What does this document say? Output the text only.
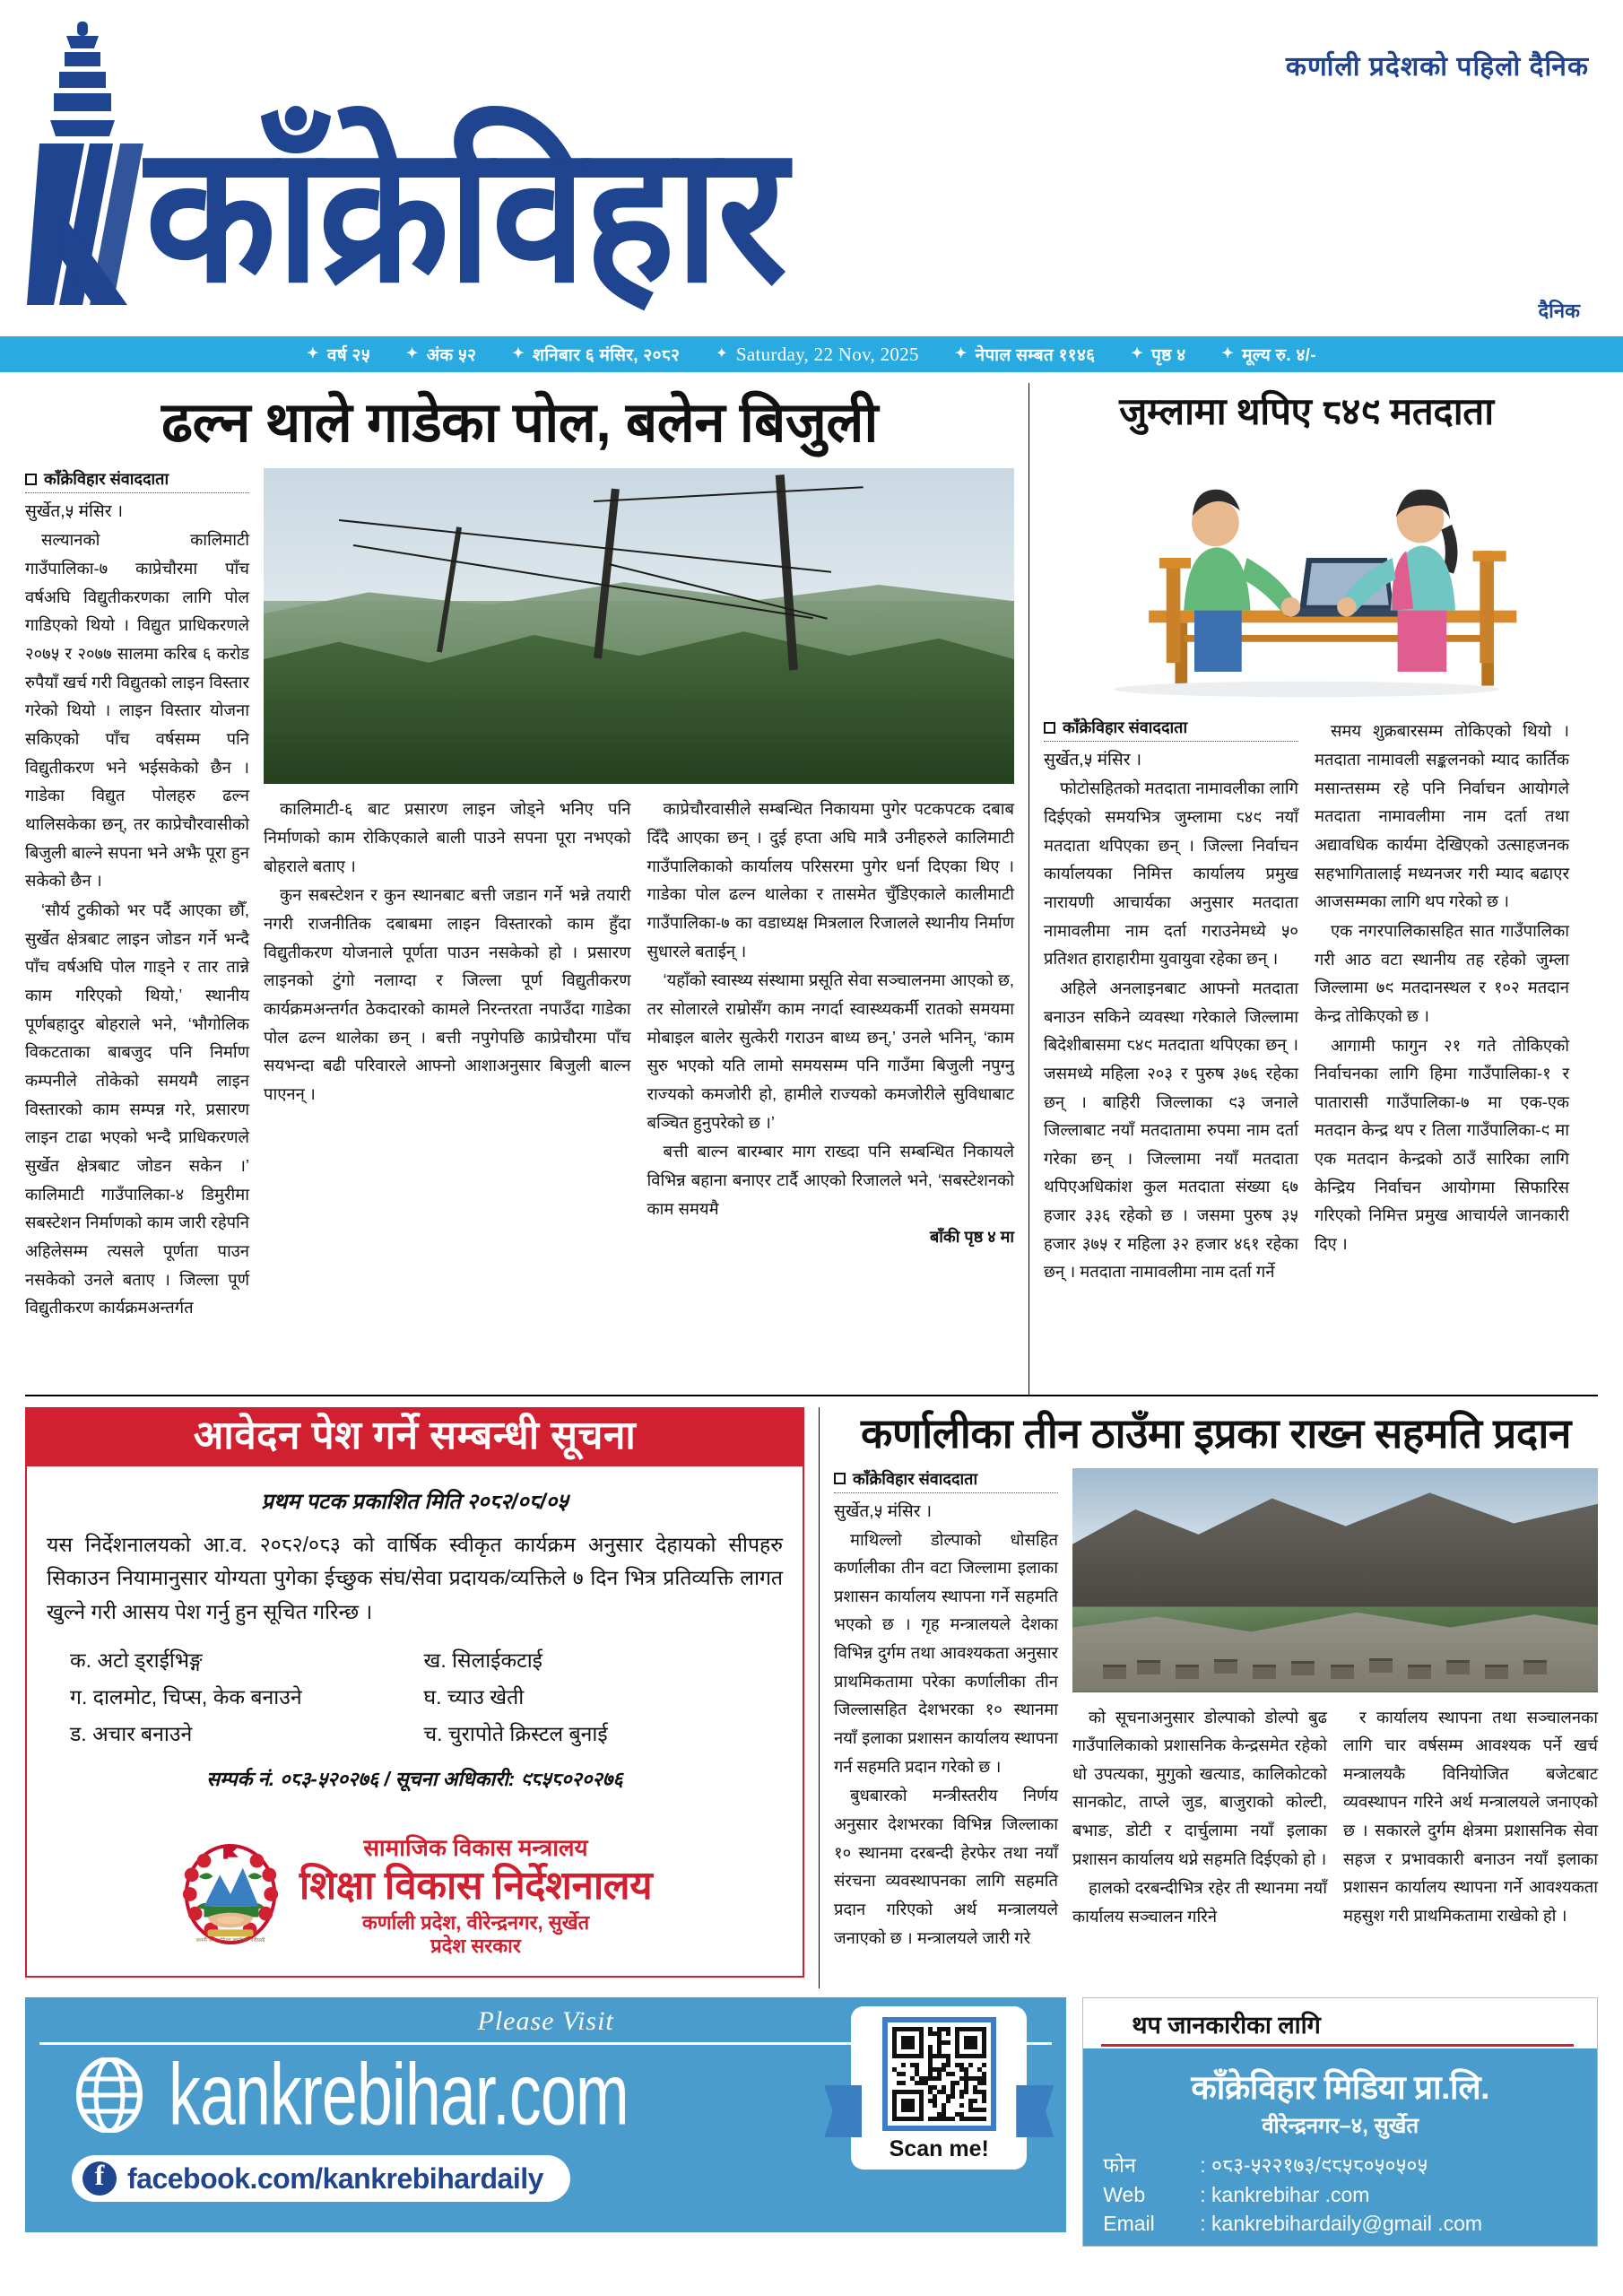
काँक्रेविहार
कर्णाली प्रदेशको पहिलो दैनिक
दैनिक
✦ वर्ष २५	✦ अंक ५२	✦ शनिबार ६ मंसिर, २०८२	✦ Saturday, 22 Nov, 2025	✦ नेपाल सम्बत ११४६	✦ पृष्ठ ४	✦ मूल्य रु. ४/-
ढल्न थाले गाडेका पोल, बलेन बिजुली
काँक्रेविहार संवाददाता
सुर्खेत,५ मंसिर ।

सल्यानको कालिमाटी गाउँपालिका-७ काप्रेचौरमा पाँच वर्षअघि विद्युतीकरणका लागि पोल गाडिएको थियो । विद्युत प्राधिकरणले २०७५ र २०७७ सालमा करिब ६ करोड रुपैयाँ खर्च गरी विद्युतको लाइन विस्तार गरेको थियो । लाइन विस्तार योजना सकिएको पाँच वर्षसम्म पनि विद्युतीकरण भने भईसकेको छैन । गाडेका विद्युत पोलहरु ढल्न थालिसकेका छन्, तर काप्रेचौरवासीको बिजुली बाल्ने सपना भने अझै पूरा हुन सकेको छैन ।

‘सौर्य टुकीको भर पर्दै आएका छौँ, सुर्खेत क्षेत्रबाट लाइन जोडन गर्ने भन्दै पाँच वर्षअघि पोल गाड्ने र तार तान्ने काम गरिएको थियो,’ स्थानीय पूर्णबहादुर बोहराले भने, ‘भौगोलिक विकटताका बाबजुद पनि निर्माण कम्पनीले तोकेको समयमै लाइन विस्तारको काम सम्पन्न गरे, प्रसारण लाइन टाढा भएको भन्दै प्राधिकरणले सुर्खेत क्षेत्रबाट जोडन सकेन ।’ कालिमाटी गाउँपालिका-४ डिमुरीमा सबस्टेशन निर्माणको काम जारी रहेपनि अहिलेसम्म त्यसले पूर्णता पाउन नसकेको उनले बताए । जिल्ला पूर्ण विद्युतीकरण कार्यक्रमअन्तर्गत

कालिमाटी-६ बाट प्रसारण लाइन जोड्ने भनिए पनि निर्माणको काम रोकिएकाले बाली पाउने सपना पूरा नभएको बोहराले बताए ।

कुन सबस्टेशन र कुन स्थानबाट बत्ती जडान गर्ने भन्ने तयारी नगरी राजनीतिक दबाबमा लाइन विस्तारको काम हुँदा विद्युतीकरण योजनाले पूर्णता पाउन नसकेको हो । प्रसारण लाइनको टुंगो नलाग्दा र जिल्ला पूर्ण विद्युतीकरण कार्यक्रमअन्तर्गत ठेकदारको कामले निरन्तरता नपाउँदा गाडेका पोल ढल्न थालेका छन् । बत्ती नपुगेपछि काप्रेचौरमा पाँच सयभन्दा बढी परिवारले आफ्नो आशाअनुसार बिजुली बाल्न पाएनन् ।

काप्रेचौरवासीले सम्बन्धित निकायमा पुगेर पटकपटक दबाब दिँदै आएका छन् । दुई हप्ता अघि मात्रै उनीहरुले कालिमाटी गाउँपालिकाको कार्यालय परिसरमा पुगेर धर्ना दिएका थिए । गाडेका पोल ढल्न थालेका र तासमेत चुँडिएकाले कालीमाटी गाउँपालिका-७ का वडाध्यक्ष मित्रलाल रिजालले स्थानीय निर्माण सुधारले बताईन् ।

‘यहाँको स्वास्थ्य संस्थामा प्रसूति सेवा सञ्चालनमा आएको छ, तर सोलारले राम्रोसँग काम नगर्दा स्वास्थ्यकर्मी रातको समयमा मोबाइल बालेर सुत्केरी गराउन बाध्य छन्,’ उनले भनिन्, ‘काम सुरु भएको यति लामो समयसम्म पनि गाउँमा बिजुली नपुग्नु राज्यको कमजोरी हो, हामीले राज्यको कमजोरीले सुविधाबाट बञ्चित हुनुपरेको छ ।’

बत्ती बाल्न बारम्बार माग राख्दा पनि सम्बन्धित निकायले विभिन्न बहाना बनाएर टार्दै आएको रिजालले भने, ‘सबस्टेशनको काम समयमै

बाँकी पृष्ठ ४ मा

जुम्लामा थपिए ८४९ मतदाता
काँक्रेविहार संवाददाता
सुर्खेत,५ मंसिर ।

फोटोसहितको मतदाता नामावलीका लागि दिईएको समयभित्र जुम्लामा ८४९ नयाँ मतदाता थपिएका छन् । जिल्ला निर्वाचन कार्यालयका निमित्त कार्यालय प्रमुख नारायणी आचार्यका अनुसार मतदाता नामावलीमा नाम दर्ता गराउनेमध्ये ५० प्रतिशत हाराहारीमा युवायुवा रहेका छन् ।

अहिले अनलाइनबाट आफ्नो मतदाता बनाउन सकिने व्यवस्था गरेकाले जिल्लामा बिदेशीबासमा ८४९ मतदाता थपिएका छन् । जसमध्ये महिला २०३ र पुरुष ३७६ रहेका छन् । बाहिरी जिल्लाका ९३ जनाले जिल्लाबाट नयाँ मतदातामा रुपमा नाम दर्ता गरेका छन् । जिल्लामा नयाँ मतदाता थपिएअधिकांश कुल मतदाता संख्या ६७ हजार ३३६ रहेको छ । जसमा पुरुष ३५ हजार ३७५ र महिला ३२ हजार ४६१ रहेका छन् । मतदाता नामावलीमा नाम दर्ता गर्ने

समय शुक्रबारसम्म तोकिएको थियो । मतदाता नामावली सङ्कलनको म्याद कार्तिक मसान्तसम्म रहे पनि निर्वाचन आयोगले मतदाता नामावलीमा नाम दर्ता तथा अद्यावधिक कार्यमा देखिएको उत्साहजनक सहभागितालाई मध्यनजर गरी म्याद बढाएर आजसम्मका लागि थप गरेको छ ।

एक नगरपालिकासहित सात गाउँपालिका गरी आठ वटा स्थानीय तह रहेको जुम्ला जिल्लामा ७९ मतदानस्थल र १०२ मतदान केन्द्र तोकिएको छ ।

आगामी फागुन २१ गते तोकिएको निर्वाचनका लागि हिमा गाउँपालिका-१ र पातारासी गाउँपालिका-७ मा एक-एक मतदान केन्द्र थप र तिला गाउँपालिका-९ मा एक मतदान केन्द्रको ठाउँ सारिका लागि केन्द्रिय निर्वाचन आयोगमा सिफारिस गरिएको निमित्त प्रमुख आचार्यले जानकारी दिए ।

आवेदन पेश गर्ने सम्बन्धी सूचना
प्रथम पटक प्रकाशित मिति २०८२/०८/०५
यस निर्देशनालयको आ.व. २०८२/०८३ को वार्षिक स्वीकृत कार्यक्रम अनुसार देहायको सीपहरु सिकाउन नियामानुसार योग्यता पुगेका ईच्छुक संघ/सेवा प्रदायक/व्यक्तिले ७ दिन भित्र प्रतिव्यक्ति लागत खुल्ने गरी आसय पेश गर्नु हुन सूचित गरिन्छ ।
क. अटो ड्राईभिङ्ग	ख. सिलाईकटाई
ग. दालमोट, चिप्स, केक बनाउने	घ. च्याउ खेती
ड. अचार बनाउने	च. चुरापोते क्रिस्टल बुनाई
सम्पर्क नं. ०८३-५२०२७६ / सूचना अधिकारी: ९८५८०२०२७६
जननी जन्मभूमिश्च स्वर्गादपि गरीयसी
सामाजिक विकास मन्त्रालय
शिक्षा विकास निर्देशनालय
कर्णाली प्रदेश, वीरेन्द्रनगर, सुर्खेत
प्रदेश सरकार
कर्णालीका तीन ठाउँमा इप्रका राख्न सहमति प्रदान
काँक्रेविहार संवाददाता
सुर्खेत,५ मंसिर ।

माथिल्लो डोल्पाको धोसहित कर्णालीका तीन वटा जिल्लामा इलाका प्रशासन कार्यालय स्थापना गर्ने सहमति भएको छ । गृह मन्त्रालयले देशका विभिन्न दुर्गम तथा आवश्यकता अनुसार प्राथमिकतामा परेका कर्णालीका तीन जिल्लासहित देशभरका १० स्थानमा नयाँ इलाका प्रशासन कार्यालय स्थापना गर्न सहमति प्रदान गरेको छ ।

बुधबारको मन्त्रीस्तरीय निर्णय अनुसार देशभरका विभिन्न जिल्लाका १० स्थानमा दरबन्दी हेरफेर तथा नयाँ संरचना व्यवस्थापनका लागि सहमति प्रदान गरिएको अर्थ मन्त्रालयले जनाएको छ । मन्त्रालयले जारी गरे

को सूचनाअनुसार डोल्पाको डोल्पो बुढ गाउँपालिकाको प्रशासनिक केन्द्रसमेत रहेको धो उपत्यका, मुगुको खत्याड, कालिकोटको सानकोट, ताप्ले जुड, बाजुराको कोल्टी, बभाङ, डोटी र दार्चुलामा नयाँ इलाका प्रशासन कार्यालय थप्ने सहमति दिईएको हो ।

हालको दरबन्दीभित्र रहेर ती स्थानमा नयाँ कार्यालय सञ्चालन गरिने

र कार्यालय स्थापना तथा सञ्चालनका लागि चार वर्षसम्म आवश्यक पर्ने खर्च मन्त्रालयकै विनियोजित बजेटबाट व्यवस्थापन गरिने अर्थ मन्त्रालयले जनाएको छ । सकारले दुर्गम क्षेत्रमा प्रशासनिक सेवा सहज र प्रभावकारी बनाउन नयाँ इलाका प्रशासन कार्यालय स्थापना गर्ने आवश्यकता महसुश गरी प्राथमिकतामा राखेको हो ।

Please Visit
kankrebihar.com
f
facebook.com/kankrebihardaily
Scan me!
थप जानकारीका लागि
काँक्रेविहार मिडिया प्रा.लि.
वीरेन्द्रनगर–४, सुर्खेत
फोन	: ०८३-५२२१७३/९८५८०५०५०५
Web	: kankrebihar .com
Email	: kankrebihardaily@gmail .com
